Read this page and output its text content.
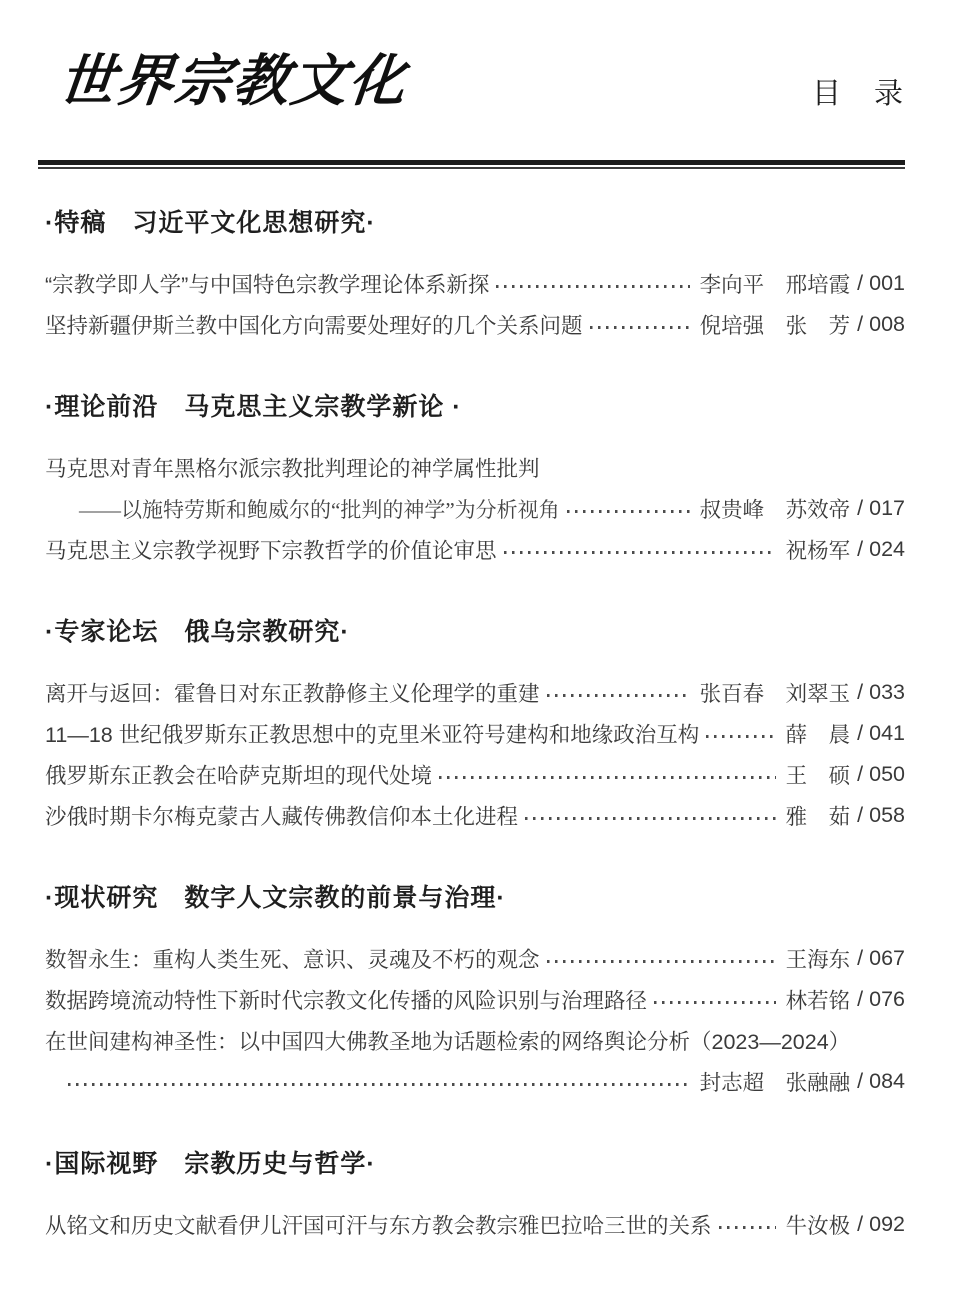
世界宗教文化	目　录
·特稿　习近平文化思想研究·
“宗教学即人学”与中国特色宗教学理论体系新探	李向平　邢培霞 / 001
坚持新疆伊斯兰教中国化方向需要处理好的几个关系问题	倪培强　张　芳 / 008
·理论前沿　马克思主义宗教学新论 ·
马克思对青年黑格尔派宗教批判理论的神学属性批判
——以施特劳斯和鲍威尔的“批判的神学”为分析视角	叔贵峰　苏效帝 / 017
马克思主义宗教学视野下宗教哲学的价值论审思	祝杨军 / 024
·专家论坛　俄乌宗教研究·
离开与返回：霍鲁日对东正教静修主义伦理学的重建	张百春　刘翠玉 / 033
11—18 世纪俄罗斯东正教思想中的克里米亚符号建构和地缘政治互构	薛　晨 / 041
俄罗斯东正教会在哈萨克斯坦的现代处境	王　硕 / 050
沙俄时期卡尔梅克蒙古人藏传佛教信仰本土化进程	雅　茹 / 058
·现状研究　数字人文宗教的前景与治理·
数智永生：重构人类生死、意识、灵魂及不朽的观念	王海东 / 067
数据跨境流动特性下新时代宗教文化传播的风险识别与治理路径	林若铭 / 076
在世间建构神圣性：以中国四大佛教圣地为话题检索的网络舆论分析（2023—2024）
封志超　张融融 / 084
·国际视野　宗教历史与哲学·
从铭文和历史文献看伊儿汗国可汗与东方教会教宗雅巴拉哈三世的关系	牛汝极 / 092
